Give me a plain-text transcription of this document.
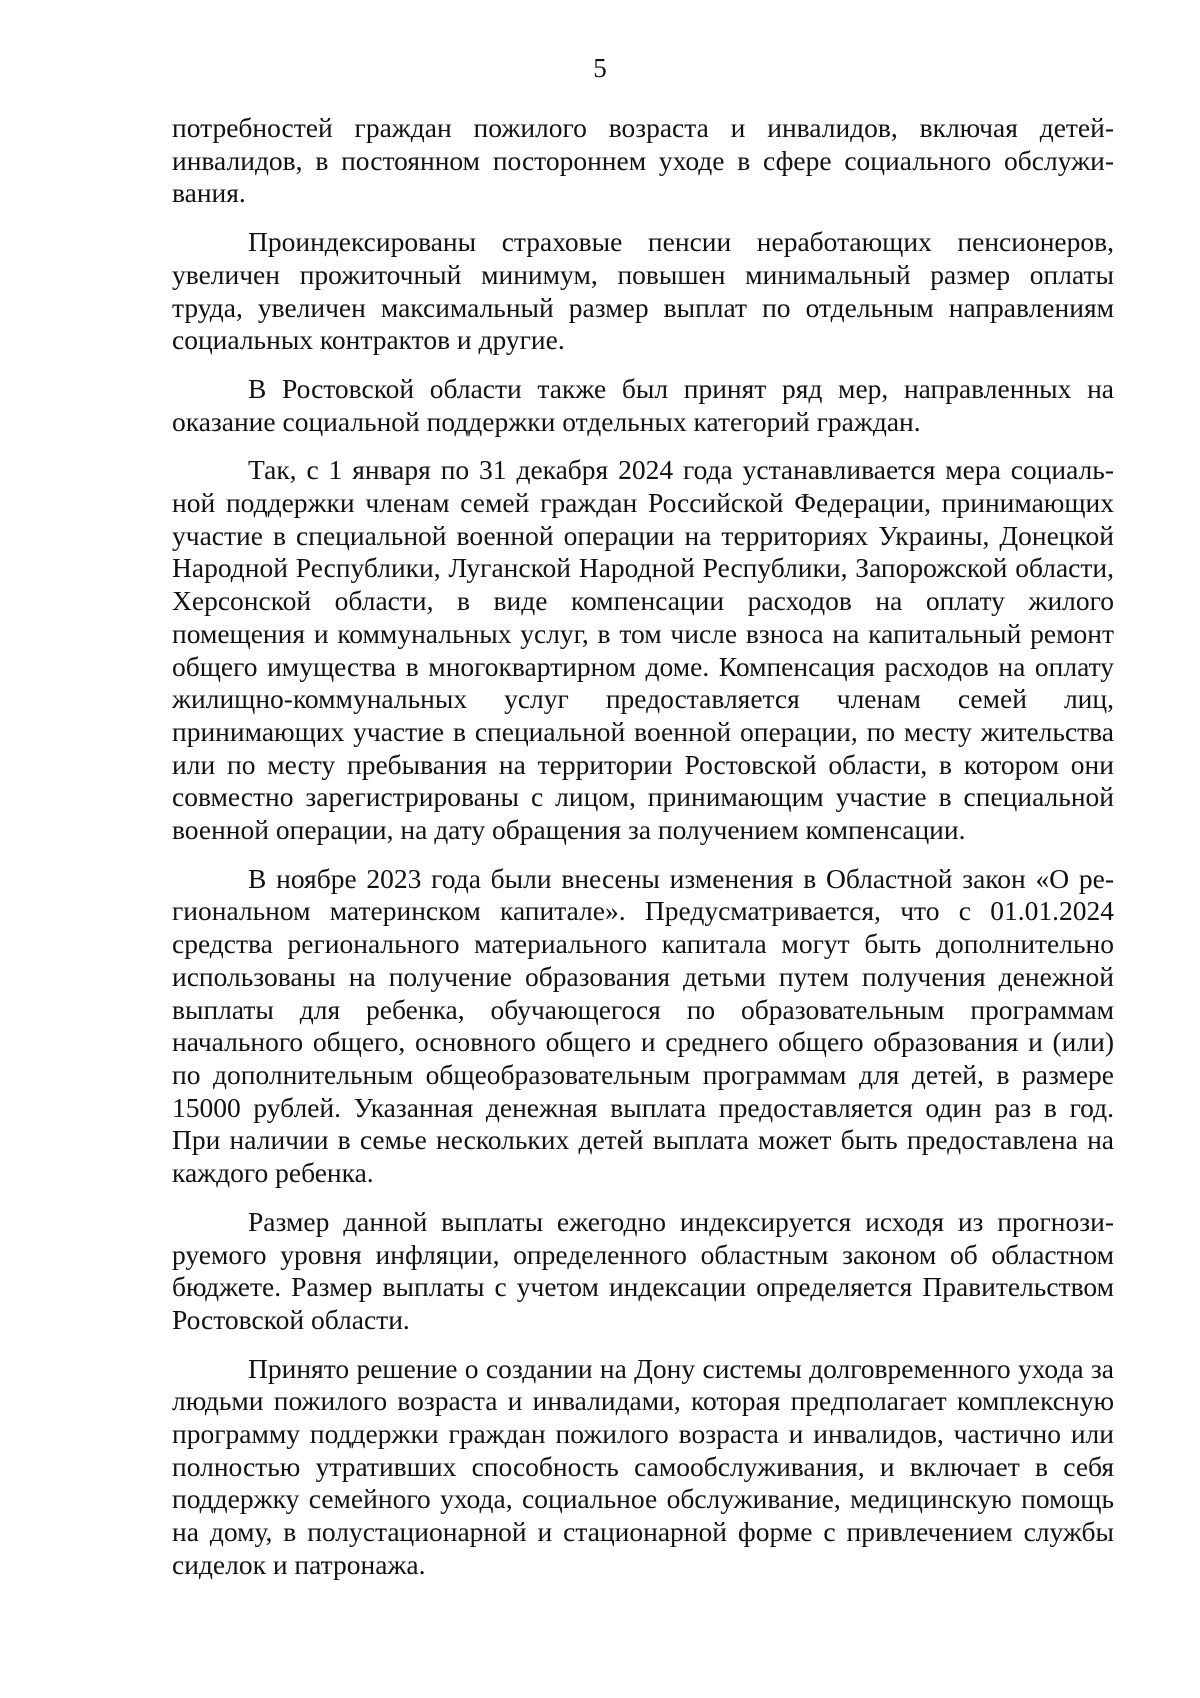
5

потребностей граждан пожилого возраста и инвалидов, включая детей-инвалидов, в постоянном постороннем уходе в сфере социального обслуживания.

Проиндексированы страховые пенсии неработающих пенсионеров, увеличен прожиточный минимум, повышен минимальный размер оплаты труда, увеличен максимальный размер выплат по отдельным направлениям социальных контрактов и другие.

В Ростовской области также был принят ряд мер, направленных на оказание социальной поддержки отдельных категорий граждан.

Так, с 1 января по 31 декабря 2024 года устанавливается мера социальной поддержки членам семей граждан Российской Федерации, принимающих участие в специальной военной операции на территориях Украины, Донецкой Народной Республики, Луганской Народной Республики, Запорожской области, Херсонской области, в виде компенсации расходов на оплату жилого помещения и коммунальных услуг, в том числе взноса на капитальный ремонт общего имущества в многоквартирном доме. Компенсация расходов на оплату жилищно-коммунальных услуг предоставляется членам семей лиц, принимающих участие в специальной военной операции, по месту жительства или по месту пребывания на территории Ростовской области, в котором они совместно зарегистрированы с лицом, принимающим участие в специальной военной операции, на дату обращения за получением компенсации.

В ноябре 2023 года были внесены изменения в Областной закон «О региональном материнском капитале». Предусматривается, что с 01.01.2024 средства регионального материального капитала могут быть дополнительно использованы на получение образования детьми путем получения денежной выплаты для ребенка, обучающегося по образовательным программам начального общего, основного общего и среднего общего образования и (или) по дополнительным общеобразовательным программам для детей, в размере 15000 рублей. Указанная денежная выплата предоставляется один раз в год. При наличии в семье нескольких детей выплата может быть предоставлена на каждого ребенка.

Размер данной выплаты ежегодно индексируется исходя из прогнозируемого уровня инфляции, определенного областным законом об областном бюджете. Размер выплаты с учетом индексации определяется Правительством Ростовской области.

Принято решение о создании на Дону системы долговременного ухода за людьми пожилого возраста и инвалидами, которая предполагает комплексную программу поддержки граждан пожилого возраста и инвалидов, частично или полностью утративших способность самообслуживания, и включает в себя поддержку семейного ухода, социальное обслуживание, медицинскую помощь на дому, в полустационарной и стационарной форме с привлечением службы сиделок и патронажа.
